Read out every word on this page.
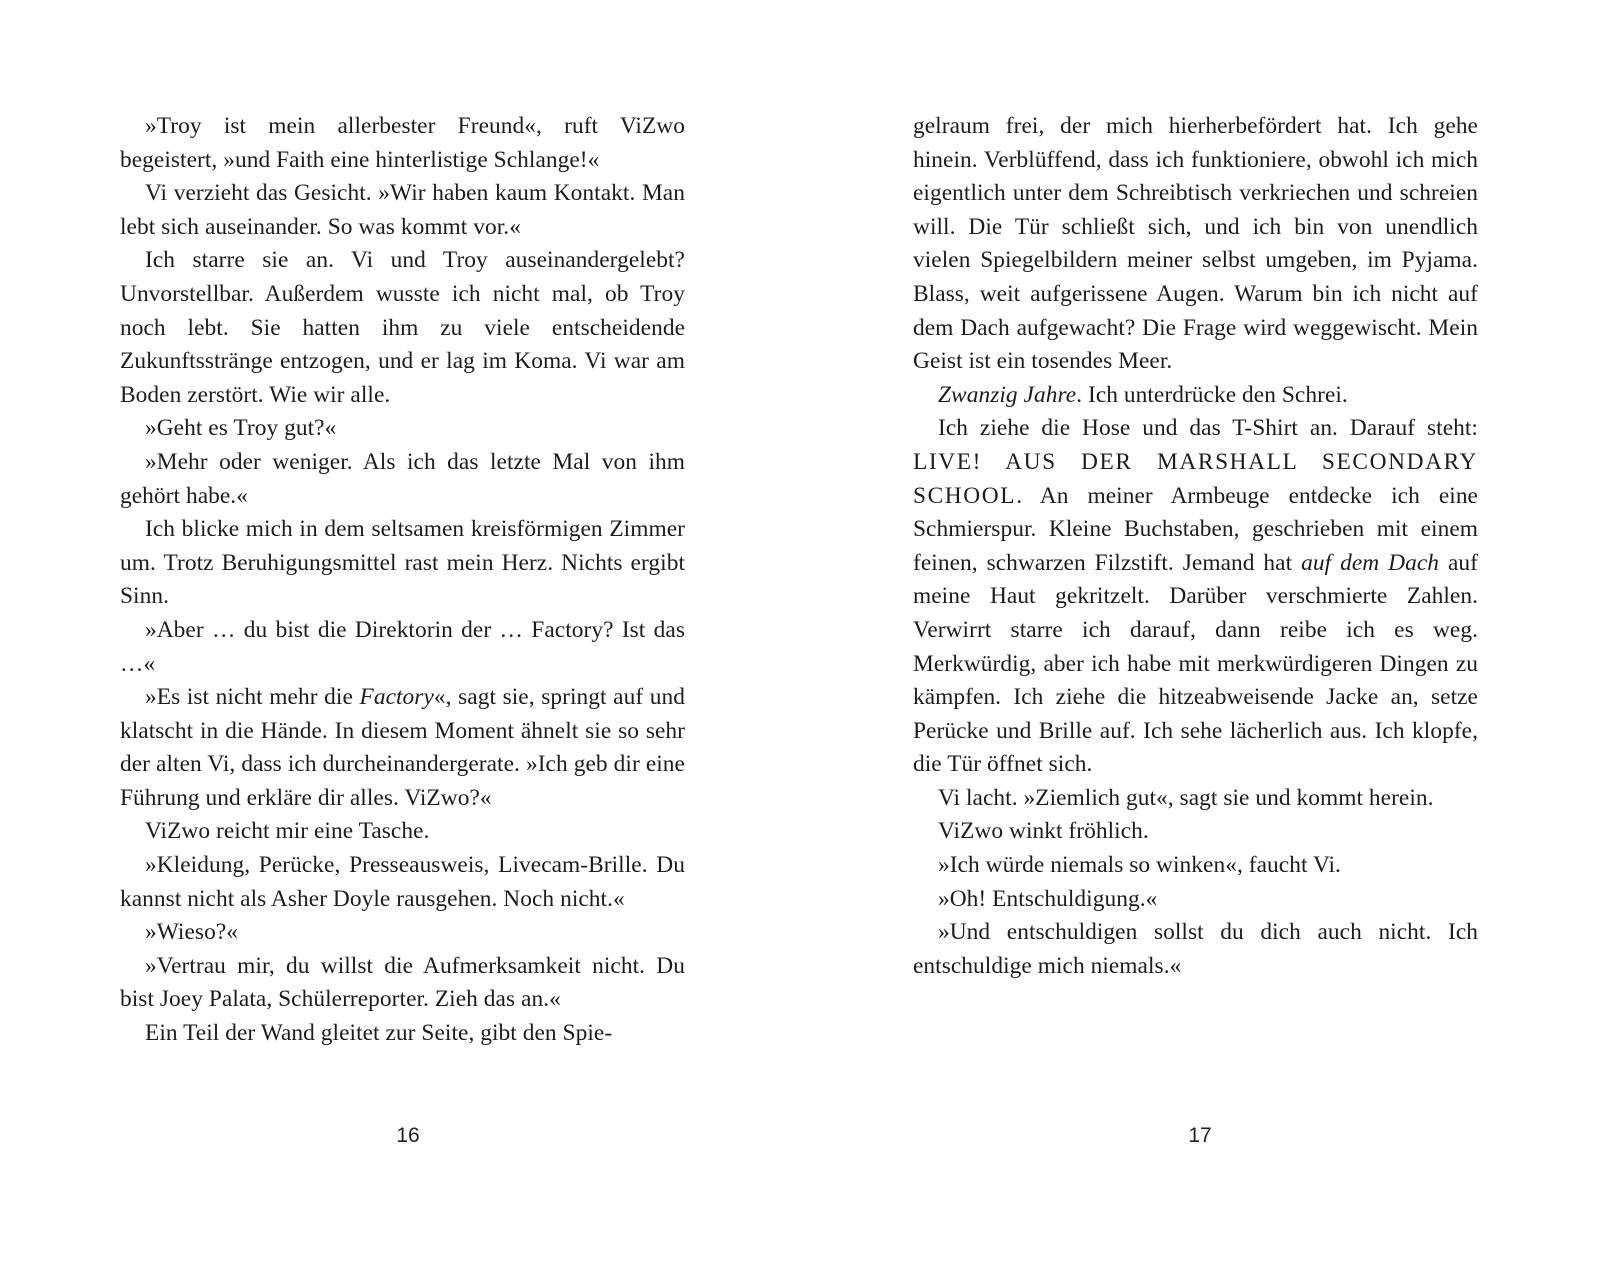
»Troy ist mein allerbester Freund«, ruft ViZwo begeistert, »und Faith eine hinterlistige Schlange!«
Vi verzieht das Gesicht. »Wir haben kaum Kontakt. Man lebt sich auseinander. So was kommt vor.«
Ich starre sie an. Vi und Troy auseinandergelebt? Unvorstellbar. Außerdem wusste ich nicht mal, ob Troy noch lebt. Sie hatten ihm zu viele entscheidende Zukunftsstränge entzogen, und er lag im Koma. Vi war am Boden zerstört. Wie wir alle.
»Geht es Troy gut?«
»Mehr oder weniger. Als ich das letzte Mal von ihm gehört habe.«
Ich blicke mich in dem seltsamen kreisförmigen Zimmer um. Trotz Beruhigungsmittel rast mein Herz. Nichts ergibt Sinn.
»Aber … du bist die Direktorin der … Factory? Ist das …«
»Es ist nicht mehr die Factory«, sagt sie, springt auf und klatscht in die Hände. In diesem Moment ähnelt sie so sehr der alten Vi, dass ich durcheinandergerate. »Ich geb dir eine Führung und erkläre dir alles. ViZwo?«
ViZwo reicht mir eine Tasche.
»Kleidung, Perücke, Presseausweis, Livecam-Brille. Du kannst nicht als Asher Doyle rausgehen. Noch nicht.«
»Wieso?«
»Vertrau mir, du willst die Aufmerksamkeit nicht. Du bist Joey Palata, Schülerreporter. Zieh das an.«
Ein Teil der Wand gleitet zur Seite, gibt den Spie-
16
gelraum frei, der mich hierherbefördert hat. Ich gehe hinein. Verblüffend, dass ich funktioniere, obwohl ich mich eigentlich unter dem Schreibtisch verkriechen und schreien will. Die Tür schließt sich, und ich bin von unendlich vielen Spiegelbildern meiner selbst umgeben, im Pyjama. Blass, weit aufgerissene Augen. Warum bin ich nicht auf dem Dach aufgewacht? Die Frage wird weggewischt. Mein Geist ist ein tosendes Meer.
Zwanzig Jahre. Ich unterdrücke den Schrei.
Ich ziehe die Hose und das T-Shirt an. Darauf steht: LIVE! AUS DER MARSHALL SECONDARY SCHOOL. An meiner Armbeuge entdecke ich eine Schmierspur. Kleine Buchstaben, geschrieben mit einem feinen, schwarzen Filzstift. Jemand hat auf dem Dach auf meine Haut gekritzelt. Darüber verschmierte Zahlen. Verwirrt starre ich darauf, dann reibe ich es weg. Merkwürdig, aber ich habe mit merkwürdigeren Dingen zu kämpfen. Ich ziehe die hitzeabweisende Jacke an, setze Perücke und Brille auf. Ich sehe lächerlich aus. Ich klopfe, die Tür öffnet sich.
Vi lacht. »Ziemlich gut«, sagt sie und kommt herein.
ViZwo winkt fröhlich.
»Ich würde niemals so winken«, faucht Vi.
»Oh! Entschuldigung.«
»Und entschuldigen sollst du dich auch nicht. Ich entschuldige mich niemals.«
17
